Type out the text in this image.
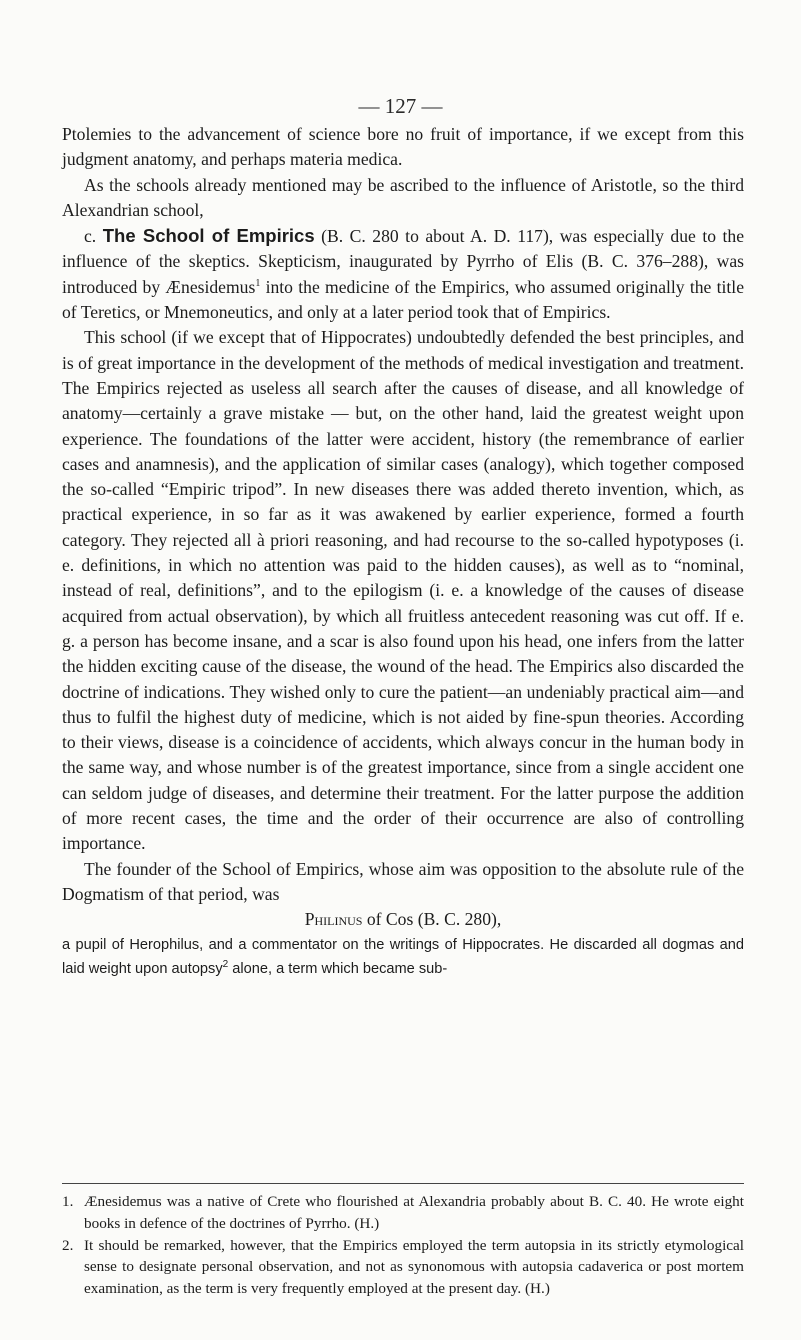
— 127 —

Ptolemies to the advancement of science bore no fruit of importance, if we except from this judgment anatomy, and perhaps materia medica.

As the schools already mentioned may be ascribed to the influence of Aristotle, so the third Alexandrian school,

c. The School of Empirics (B. C. 280 to about A. D. 117), was especially due to the influence of the skeptics. Skepticism, inaugurated by Pyrrho of Elis (B. C. 376–288), was introduced by Ænesidemus$^1$ into the medicine of the Empirics, who assumed originally the title of Teretics, or Mnemoneutics, and only at a later period took that of Empirics.

This school (if we except that of Hippocrates) undoubtedly defended the best principles, and is of great importance in the development of the methods of medical investigation and treatment. The Empirics rejected as useless all search after the causes of disease, and all knowledge of anatomy—certainly a grave mistake — but, on the other hand, laid the greatest weight upon experience. The foundations of the latter were accident, history (the remembrance of earlier cases and anamnesis), and the application of similar cases (analogy), which together composed the so-called “Empiric tripod”. In new diseases there was added thereto invention, which, as practical experience, in so far as it was awakened by earlier experience, formed a fourth category. They rejected all à priori reasoning, and had recourse to the so-called hypotyposes (i. e. definitions, in which no attention was paid to the hidden causes), as well as to “nominal, instead of real, definitions”, and to the epilogism (i. e. a knowledge of the causes of disease acquired from actual observation), by which all fruitless antecedent reasoning was cut off. If e. g. a person has become insane, and a scar is also found upon his head, one infers from the latter the hidden exciting cause of the disease, the wound of the head. The Empirics also discarded the doctrine of indications. They wished only to cure the patient—an undeniably practical aim—and thus to fulfil the highest duty of medicine, which is not aided by fine-spun theories. According to their views, disease is a coincidence of accidents, which always concur in the human body in the same way, and whose number is of the greatest importance, since from a single accident one can seldom judge of diseases, and determine their treatment. For the latter purpose the addition of more recent cases, the time and the order of their occurrence are also of controlling importance.

The founder of the School of Empirics, whose aim was opposition to the absolute rule of the Dogmatism of that period, was

Philinus of Cos (B. C. 280),

a pupil of Herophilus, and a commentator on the writings of Hippocrates. He discarded all dogmas and laid weight upon autopsy$^2$ alone, a term which became sub-

1. Ænesidemus was a native of Crete who flourished at Alexandria probably about B. C. 40. He wrote eight books in defence of the doctrines of Pyrrho. (H.)
2. It should be remarked, however, that the Empirics employed the term autopsia in its strictly etymological sense to designate personal observation, and not as synonomous with autopsia cadaverica or post mortem examination, as the term is very frequently employed at the present day. (H.)
